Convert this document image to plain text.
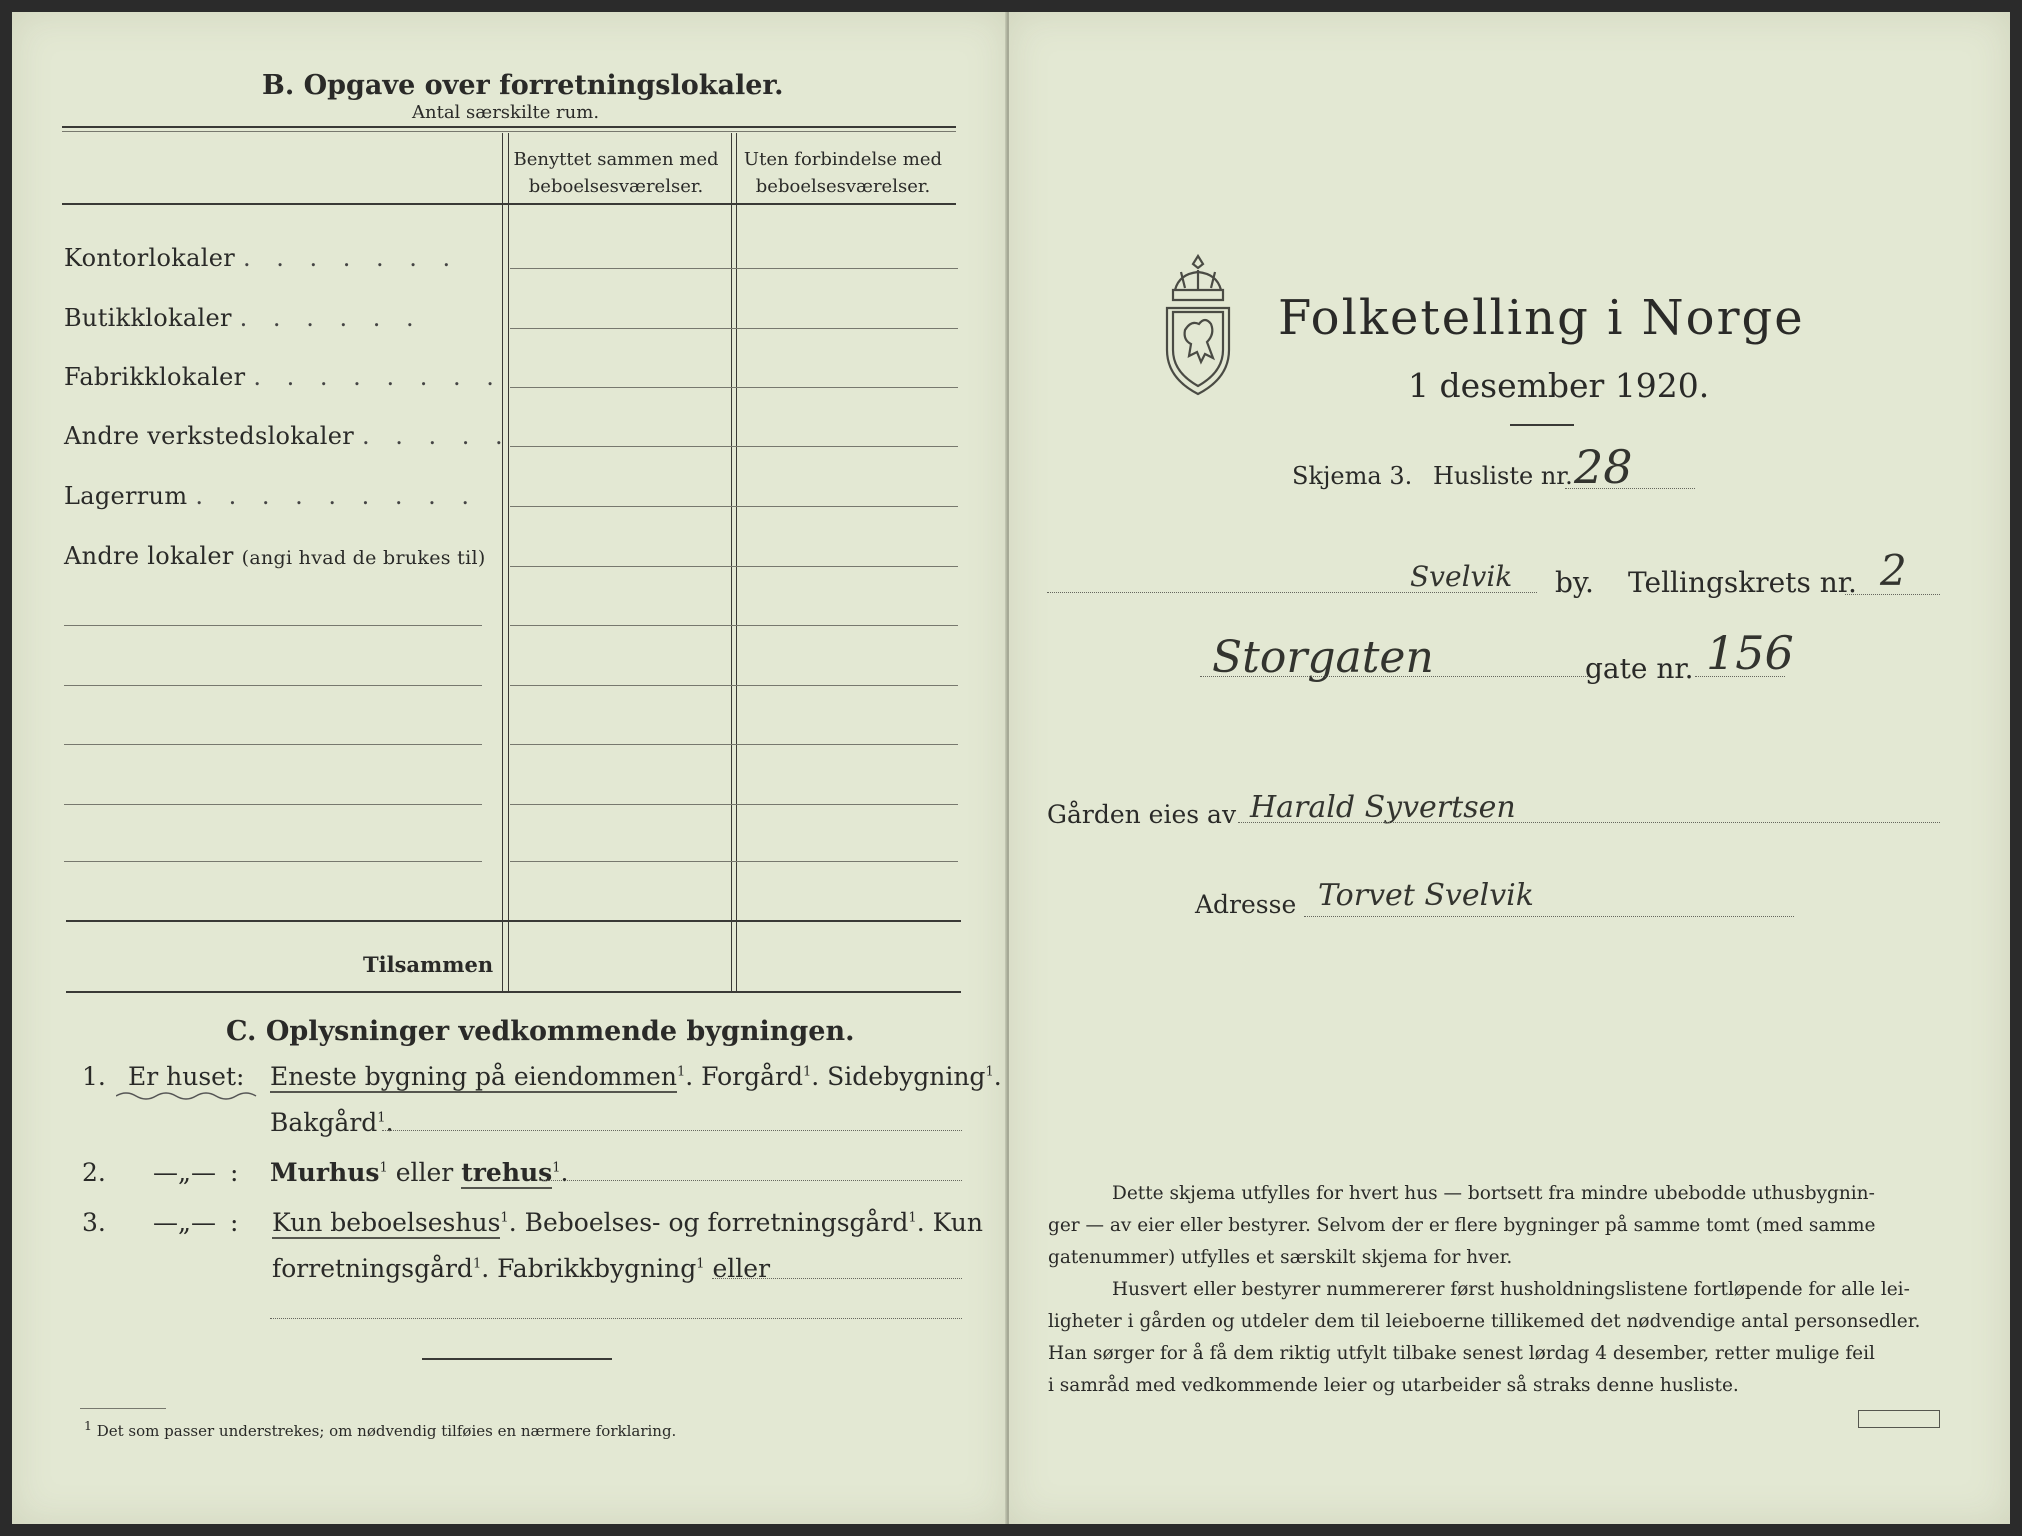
B. Opgave over forretningslokaler.
Antal særskilte rum.
Benyttet sammen med
beboelsesværelser.
Uten forbindelse med
beboelsesværelser.
Kontorlokaler . . . . . . .
Butikklokaler . . . . . .
Fabrikklokaler . . . . . . . .
Andre verkstedslokaler . . . . .
Lagerrum . . . . . . . . .
Andre lokaler (angi hvad de brukes til)
Tilsammen
C. Oplysninger vedkommende bygningen.
1. Er huset: Eneste bygning på eiendommen$^1$. Forgård$^1$. Sidebygning$^1$.
Bakgård$^1$.
2. —„— : Murhus$^1$ eller trehus$^1$.
3. —„— : Kun beboelseshus$^1$. Beboelses- og forretningsgård$^1$. Kun
forretningsgård$^1$. Fabrikkbygning$^1$ eller
$^1$ Det som passer understrekes; om nødvendig tilføies en nærmere forklaring.
Folketelling i Norge
1 desember 1920.
Skjema 3. Husliste nr. 28
Svelvik by. Tellingskrets nr. 2
Storgaten	gate nr. 156
Gården eies av Harald Syvertsen
Adresse Torvet Svelvik
Dette skjema utfylles for hvert hus — bortsett fra mindre ubebodde uthusbygnin-
ger — av eier eller bestyrer. Selvom der er flere bygninger på samme tomt (med samme
gatenummer) utfylles et særskilt skjema for hver.
Husvert eller bestyrer nummererer først husholdningslistene fortløpende for alle lei-
ligheter i gården og utdeler dem til leieboerne tillikemed det nødvendige antal personsedler.
Han sørger for å få dem riktig utfylt tilbake senest lørdag 4 desember, retter mulige feil
i samråd med vedkommende leier og utarbeider så straks denne husliste.
